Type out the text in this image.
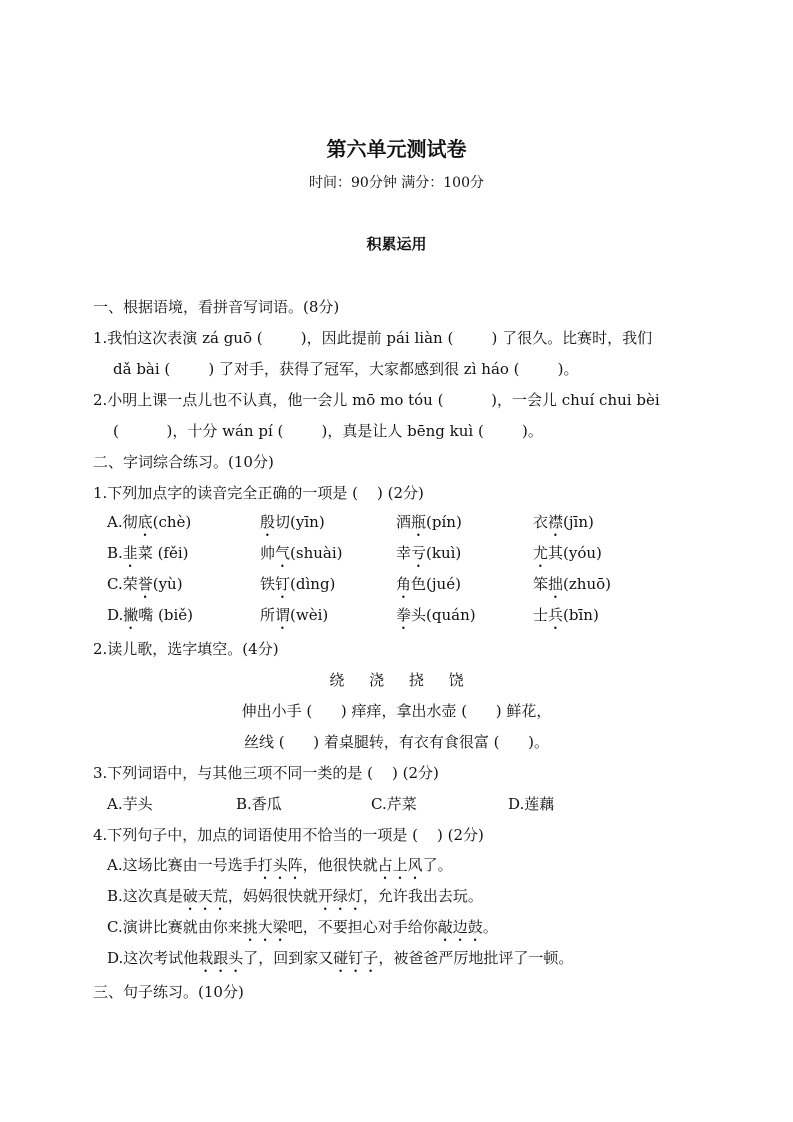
第六单元测试卷
时间：90分钟 满分：100分
积累运用
一、根据语境，看拼音写词语。(8分)
1.我怕这次表演 zá guō (        )，因此提前 pái liàn (        ) 了很久。比赛时，我们
dǎ bài (        ) 了对手，获得了冠军，大家都感到很 zì háo (        )。
2.小明上课一点儿也不认真，他一会儿 mō mo tóu (          )，一会儿 chuí chui bèi
(          )，十分 wán pí (        )，真是让人 bēng kuì (        )。
二、字词综合练习。(10分)
1.下列加点字的读音完全正确的一项是 (    ) (2分)
A.彻底(chè)	殷切(yīn)	酒瓶(pín)	衣襟(jīn)
B.韭菜 (fěi)	帅气(shuài)	幸亏(kuì)	尤其(yóu)
C.荣誉(yù)	铁钉(dìng)	角色(jué)	笨拙(zhuō)
D.撇嘴 (biě)	所谓(wèi)	拳头(quán)	士兵(bīn)
2.读儿歌，选字填空。(4分)
绕 浇 挠 饶
伸出小手 (      ) 痒痒，拿出水壶 (      ) 鲜花，
丝线 (      ) 着桌腿转，有衣有食很富 (      )。
3.下列词语中，与其他三项不同一类的是 (    ) (2分)
A.芋头	B.香瓜	C.芹菜	D.莲藕
4.下列句子中，加点的词语使用不恰当的一项是 (    ) (2分)
A.这场比赛由一号选手打头阵，他很快就占上风了。
B.这次真是破天荒，妈妈很快就开绿灯，允许我出去玩。
C.演讲比赛就由你来挑大梁吧，不要担心对手给你敲边鼓。
D.这次考试他栽跟头了，回到家又碰钉子，被爸爸严厉地批评了一顿。
三、句子练习。(10分)
